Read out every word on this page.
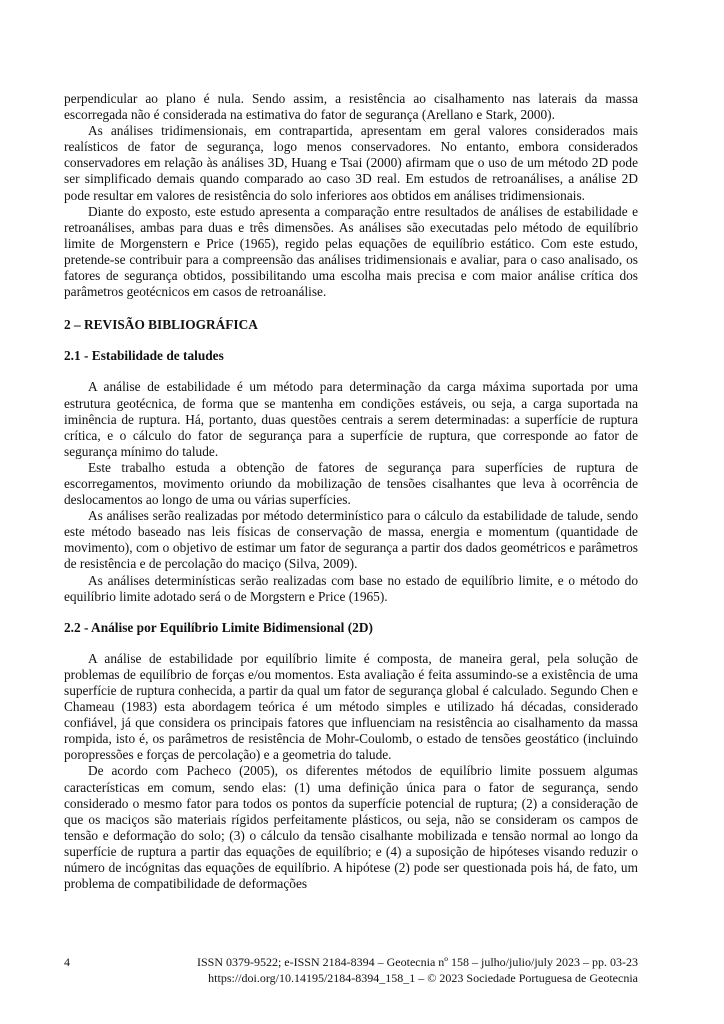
perpendicular ao plano é nula. Sendo assim, a resistência ao cisalhamento nas laterais da massa escorregada não é considerada na estimativa do fator de segurança (Arellano e Stark, 2000).

As análises tridimensionais, em contrapartida, apresentam em geral valores considerados mais realísticos de fator de segurança, logo menos conservadores. No entanto, embora considerados conservadores em relação às análises 3D, Huang e Tsai (2000) afirmam que o uso de um método 2D pode ser simplificado demais quando comparado ao caso 3D real. Em estudos de retroanálises, a análise 2D pode resultar em valores de resistência do solo inferiores aos obtidos em análises tridimensionais.

Diante do exposto, este estudo apresenta a comparação entre resultados de análises de estabilidade e retroanálises, ambas para duas e três dimensões. As análises são executadas pelo método de equilíbrio limite de Morgenstern e Price (1965), regido pelas equações de equilíbrio estático. Com este estudo, pretende-se contribuir para a compreensão das análises tridimensionais e avaliar, para o caso analisado, os fatores de segurança obtidos, possibilitando uma escolha mais precisa e com maior análise crítica dos parâmetros geotécnicos em casos de retroanálise.

2 – REVISÃO BIBLIOGRÁFICA
2.1 - Estabilidade de taludes

A análise de estabilidade é um método para determinação da carga máxima suportada por uma estrutura geotécnica, de forma que se mantenha em condições estáveis, ou seja, a carga suportada na iminência de ruptura. Há, portanto, duas questões centrais a serem determinadas: a superfície de ruptura crítica, e o cálculo do fator de segurança para a superfície de ruptura, que corresponde ao fator de segurança mínimo do talude.

Este trabalho estuda a obtenção de fatores de segurança para superfícies de ruptura de escorregamentos, movimento oriundo da mobilização de tensões cisalhantes que leva à ocorrência de deslocamentos ao longo de uma ou várias superfícies.

As análises serão realizadas por método determinístico para o cálculo da estabilidade de talude, sendo este método baseado nas leis físicas de conservação de massa, energia e momentum (quantidade de movimento), com o objetivo de estimar um fator de segurança a partir dos dados geométricos e parâmetros de resistência e de percolação do maciço (Silva, 2009).

As análises determinísticas serão realizadas com base no estado de equilíbrio limite, e o método do equilíbrio limite adotado será o de Morgstern e Price (1965).

2.2 - Análise por Equilíbrio Limite Bidimensional (2D)

A análise de estabilidade por equilíbrio limite é composta, de maneira geral, pela solução de problemas de equilíbrio de forças e/ou momentos. Esta avaliação é feita assumindo-se a existência de uma superfície de ruptura conhecida, a partir da qual um fator de segurança global é calculado. Segundo Chen e Chameau (1983) esta abordagem teórica é um método simples e utilizado há décadas, considerado confiável, já que considera os principais fatores que influenciam na resistência ao cisalhamento da massa rompida, isto é, os parâmetros de resistência de Mohr-Coulomb, o estado de tensões geostático (incluindo poropressões e forças de percolação) e a geometria do talude.

De acordo com Pacheco (2005), os diferentes métodos de equilíbrio limite possuem algumas características em comum, sendo elas: (1) uma definição única para o fator de segurança, sendo considerado o mesmo fator para todos os pontos da superfície potencial de ruptura; (2) a consideração de que os maciços são materiais rígidos perfeitamente plásticos, ou seja, não se consideram os campos de tensão e deformação do solo; (3) o cálculo da tensão cisalhante mobilizada e tensão normal ao longo da superfície de ruptura a partir das equações de equilíbrio; e (4) a suposição de hipóteses visando reduzir o número de incógnitas das equações de equilíbrio. A hipótese (2) pode ser questionada pois há, de fato, um problema de compatibilidade de deformações

4	ISSN 0379-9522; e-ISSN 2184-8394 – Geotecnia nº 158 – julho/julio/july 2023 – pp. 03-23
https://doi.org/10.14195/2184-8394_158_1 – © 2023 Sociedade Portuguesa de Geotecnia
